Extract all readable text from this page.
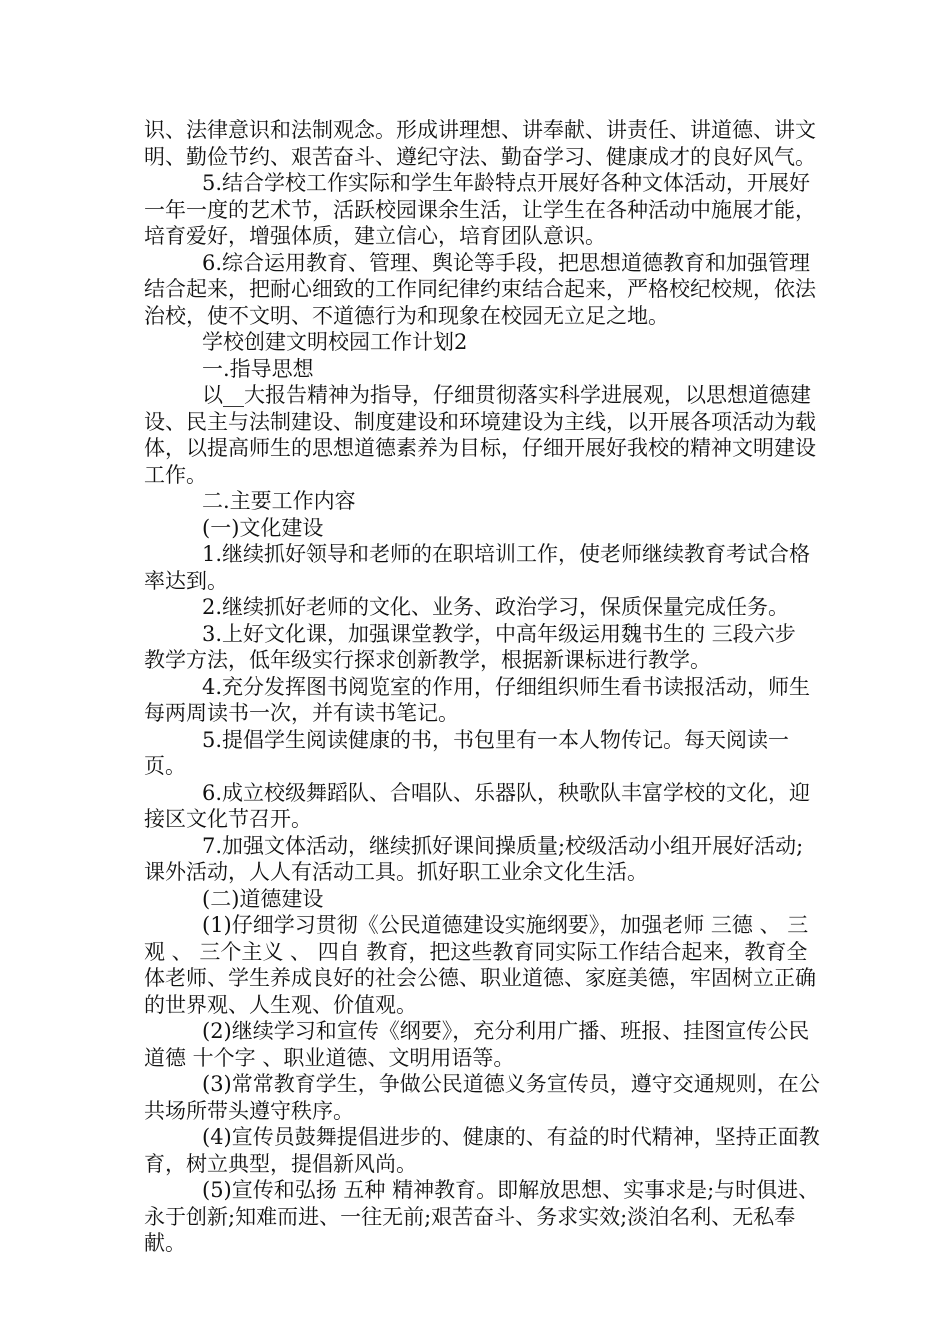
识、法律意识和法制观念。形成讲理想、讲奉献、讲责任、讲道德、讲文明、勤俭节约、艰苦奋斗、遵纪守法、勤奋学习、健康成才的良好风气。

5.结合学校工作实际和学生年龄特点开展好各种文体活动，开展好一年一度的艺术节，活跃校园课余生活，让学生在各种活动中施展才能，培育爱好，增强体质，建立信心，培育团队意识。

6.综合运用教育、管理、舆论等手段，把思想道德教育和加强管理结合起来，把耐心细致的工作同纪律约束结合起来，严格校纪校规，依法治校，使不文明、不道德行为和现象在校园无立足之地。

学校创建文明校园工作计划2

一.指导思想

以__大报告精神为指导，仔细贯彻落实科学进展观，以思想道德建设、民主与法制建设、制度建设和环境建设为主线，以开展各项活动为载体，以提高师生的思想道德素养为目标，仔细开展好我校的精神文明建设工作。

二.主要工作内容

(一)文化建设

1.继续抓好领导和老师的在职培训工作，使老师继续教育考试合格率达到。

2.继续抓好老师的文化、业务、政治学习，保质保量完成任务。

3.上好文化课，加强课堂教学，中高年级运用魏书生的 三段六步 教学方法，低年级实行探求创新教学，根据新课标进行教学。

4.充分发挥图书阅览室的作用，仔细组织师生看书读报活动，师生每两周读书一次，并有读书笔记。

5.提倡学生阅读健康的书，书包里有一本人物传记。每天阅读一页。

6.成立校级舞蹈队、合唱队、乐器队，秧歌队丰富学校的文化，迎接区文化节召开。

7.加强文体活动，继续抓好课间操质量;校级活动小组开展好活动;课外活动，人人有活动工具。抓好职工业余文化生活。

(二)道德建设

(1)仔细学习贯彻《公民道德建设实施纲要》，加强老师 三德 、 三观 、 三个主义 、 四自 教育，把这些教育同实际工作结合起来，教育全体老师、学生养成良好的社会公德、职业道德、家庭美德，牢固树立正确的世界观、人生观、价值观。

(2)继续学习和宣传《纲要》，充分利用广播、班报、挂图宣传公民道德 十个字 、职业道德、文明用语等。

(3)常常教育学生，争做公民道德义务宣传员，遵守交通规则，在公共场所带头遵守秩序。

(4)宣传员鼓舞提倡进步的、健康的、有益的时代精神，坚持正面教育，树立典型，提倡新风尚。

(5)宣传和弘扬 五种 精神教育。即解放思想、实事求是;与时俱进、永于创新;知难而进、一往无前;艰苦奋斗、务求实效;淡泊名利、无私奉献。
